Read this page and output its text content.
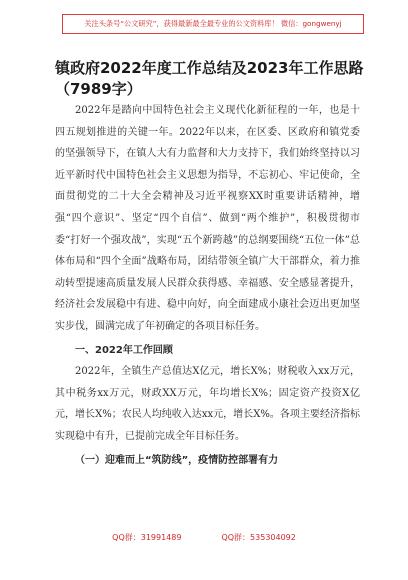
关注头条号“公文研究”，获得最新最全最专业的公文资料库！ 微信：gongwenyj
镇政府2022年度工作总结及2023年工作思路（7989字）

2022年是踏向中国特色社会主义现代化新征程的一年，也是十四五规划推进的关键一年。2022年以来，在区委、区政府和镇党委的坚强领导下，在镇人大有力监督和大力支持下，我们始终坚持以习近平新时代中国特色社会主义思想为指导，不忘初心、牢记使命，全面贯彻党的二十大全会精神及习近平视察XX时重要讲话精神，增强“四个意识”、坚定“四个自信”、做到“两个维护”，积极贯彻市委“打好一个强攻战”，实现“五个新跨越”的总纲要围绕“五位一体”总体布局和“四个全面”战略布局，团结带领全镇广大干部群众，着力推动转型提速高质量发展人民群众获得感、幸福感、安全感显著提升，经济社会发展稳中有进、稳中向好，向全面建成小康社会迈出更加坚实步伐，圆满完成了年初确定的各项目标任务。

一、2022年工作回顾

2022年，全镇生产总值达X亿元，增长X%；财税收入xx万元，其中税务xx万元，财政XX万元，年均增长X%；固定资产投资X亿元，增长X%；农民人均纯收入达xx元，增长X%。各项主要经济指标实现稳中有升，已提前完成全年目标任务。

（一）迎难而上“筑防线”，疫情防控部署有力

QQ群：31991489	QQ群：535304092
